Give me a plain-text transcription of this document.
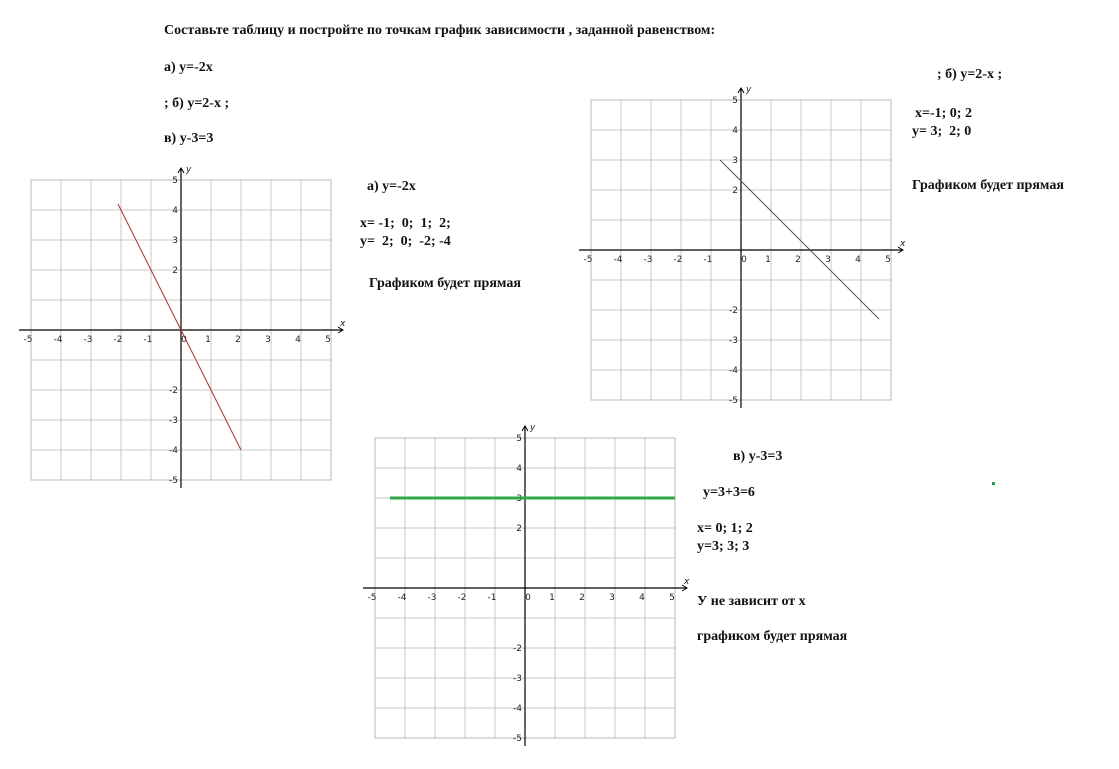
Составьте таблицу и постройте по точкам график зависимости , заданной равенством:
а) у=-2х
; б) у=2-х ;
в) у-3=3
а) у=-2х
х= -1;  0;  1;  2;
у=  2;  0;  -2; -4
Графиком будет прямая
; б) у=2-х ;
х=-1; 0; 2
у= 3;  2; 0
Графиком будет прямая
в) у-3=3
у=3+3=6
х= 0; 1; 2
у=3; 3; 3
У не зависит от х
графиком будет прямая
x
y
-5 -4 -3 -2 -1	0 1	2	3	4	5
5
4
3
2
-2
-3
-4
-5
x
y
-5 -4 -3 -2 -1	0 1	2	3	4	5
5
4
3
2
-2
-3
-4
-5
x
y
-5 -4 -3 -2 -1	0 1	2	3	4	5
5
4
3
2
-2
-3
-4
-5
